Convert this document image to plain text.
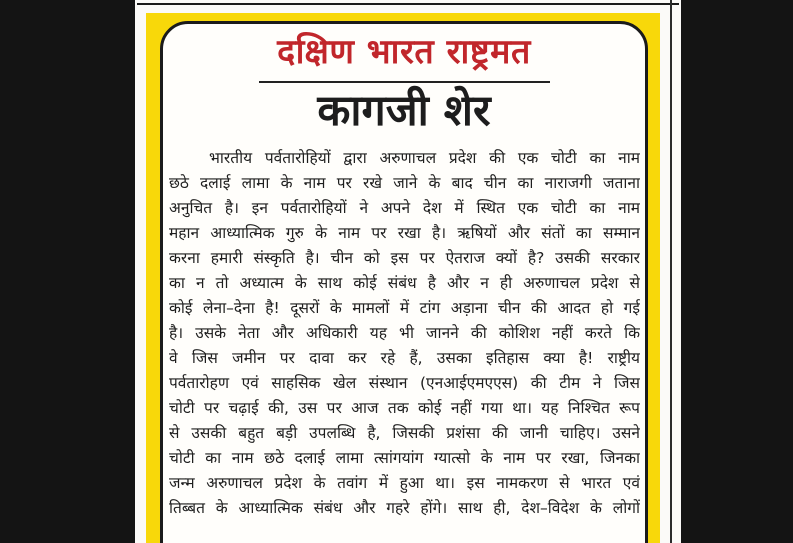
दक्षिण भारत राष्ट्रमत
कागजी शेर
भारतीय पर्वतारोहियों द्वारा अरुणाचल प्रदेश की एक चोटी का नाम
छठे दलाई लामा के नाम पर रखे जाने के बाद चीन का नाराजगी जताना
अनुचित है। इन पर्वतारोहियों ने अपने देश में स्थित एक चोटी का नाम
महान आध्यात्मिक गुरु के नाम पर रखा है। ऋषियों और संतों का सम्मान
करना हमारी संस्कृति है। चीन को इस पर ऐतराज क्यों है? उसकी सरकार
का न तो अध्यात्म के साथ कोई संबंध है और न ही अरुणाचल प्रदेश से
कोई लेना–देना है! दूसरों के मामलों में टांग अड़ाना चीन की आदत हो गई
है। उसके नेता और अधिकारी यह भी जानने की कोशिश नहीं करते कि
वे जिस जमीन पर दावा कर रहे हैं, उसका इतिहास क्या है! राष्ट्रीय
पर्वतारोहण एवं साहसिक खेल संस्थान (एनआईएमएएस) की टीम ने जिस
चोटी पर चढ़ाई की, उस पर आज तक कोई नहीं गया था। यह निश्चित रूप
से उसकी बहुत बड़ी उपलब्धि है, जिसकी प्रशंसा की जानी चाहिए। उसने
चोटी का नाम छठे दलाई लामा त्सांगयांग ग्यात्सो के नाम पर रखा, जिनका
जन्म अरुणाचल प्रदेश के तवांग में हुआ था। इस नामकरण से भारत एवं
तिब्बत के आध्यात्मिक संबंध और गहरे होंगे। साथ ही, देश–विदेश के लोगों
